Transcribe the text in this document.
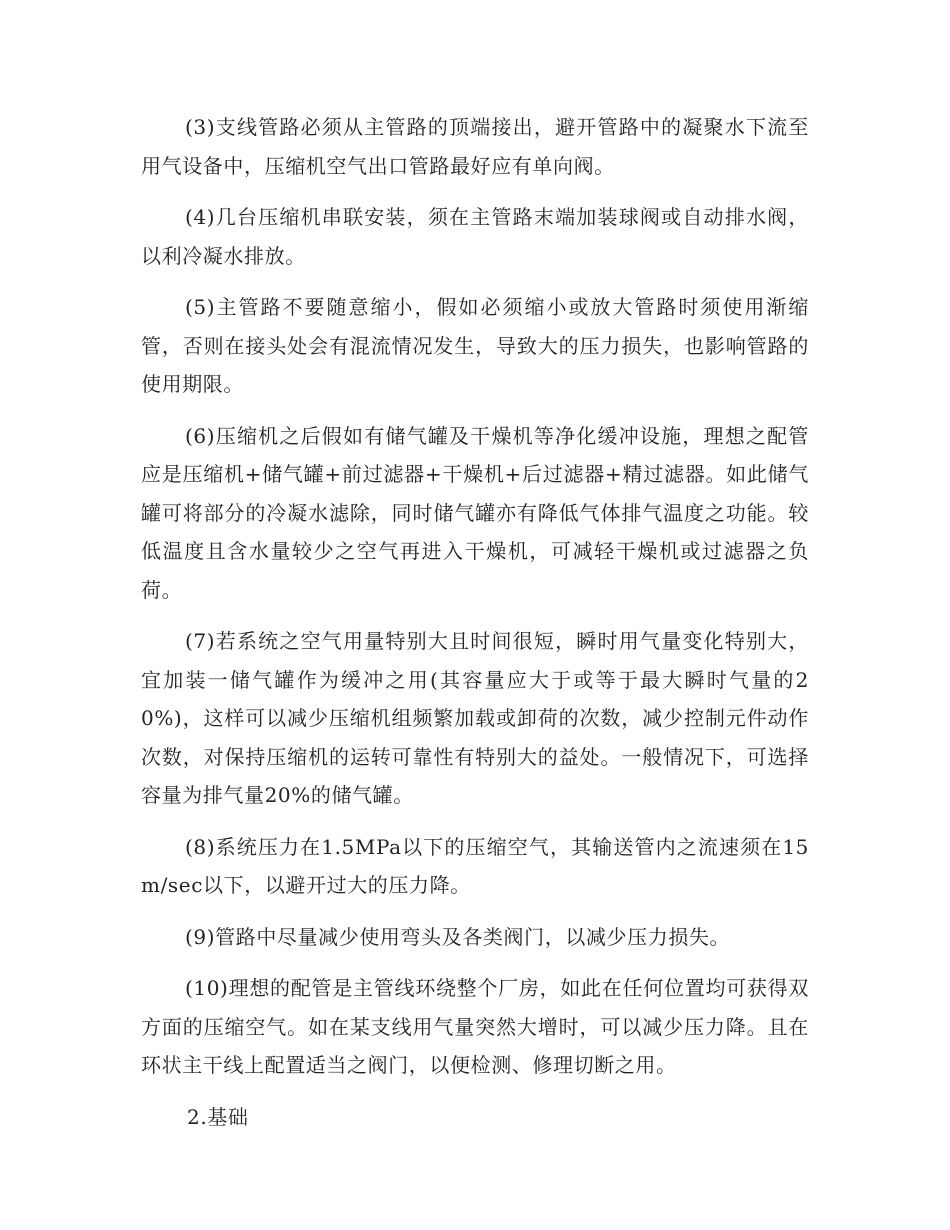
(3)支线管路必须从主管路的顶端接出，避开管路中的凝聚水下流至用气设备中，压缩机空气出口管路最好应有单向阀。

(4)几台压缩机串联安装，须在主管路末端加装球阀或自动排水阀，以利冷凝水排放。

(5)主管路不要随意缩小，假如必须缩小或放大管路时须使用渐缩管，否则在接头处会有混流情况发生，导致大的压力损失，也影响管路的使用期限。

(6)压缩机之后假如有储气罐及干燥机等净化缓冲设施，理想之配管应是压缩机+储气罐+前过滤器+干燥机+后过滤器+精过滤器。如此储气罐可将部分的冷凝水滤除，同时储气罐亦有降低气体排气温度之功能。较低温度且含水量较少之空气再进入干燥机，可减轻干燥机或过滤器之负荷。

(7)若系统之空气用量特别大且时间很短，瞬时用气量变化特别大，宜加装一储气罐作为缓冲之用(其容量应大于或等于最大瞬时气量的20%)，这样可以减少压缩机组频繁加载或卸荷的次数，减少控制元件动作次数，对保持压缩机的运转可靠性有特别大的益处。一般情况下，可选择容量为排气量20%的储气罐。

(8)系统压力在1.5MPa以下的压缩空气，其输送管内之流速须在15m/sec以下，以避开过大的压力降。

(9)管路中尽量减少使用弯头及各类阀门，以减少压力损失。

(10)理想的配管是主管线环绕整个厂房，如此在任何位置均可获得双方面的压缩空气。如在某支线用气量突然大增时，可以减少压力降。且在环状主干线上配置适当之阀门，以便检测、修理切断之用。

2.基础
